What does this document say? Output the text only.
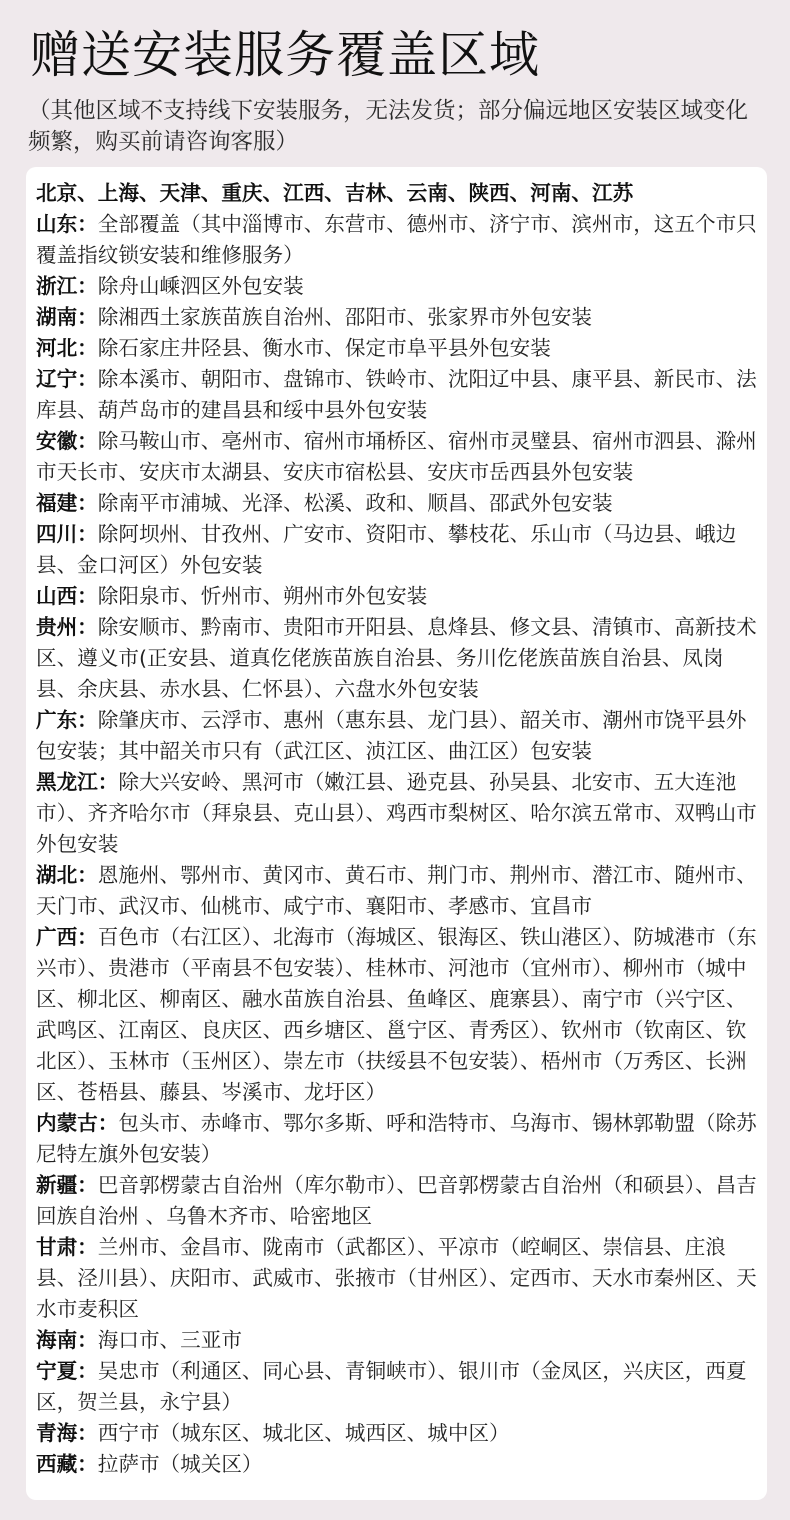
赠送安装服务覆盖区域
（其他区域不支持线下安装服务，无法发货；部分偏远地区安装区域变化频繁，购买前请咨询客服）

北京、上海、天津、重庆、江西、吉林、云南、陕西、河南、江苏

山东：全部覆盖（其中淄博市、东营市、德州市、济宁市、滨州市，这五个市只覆盖指纹锁安装和维修服务）

浙江：除舟山嵊泗区外包安装

湖南：除湘西土家族苗族自治州、邵阳市、张家界市外包安装

河北：除石家庄井陉县、衡水市、保定市阜平县外包安装

辽宁：除本溪市、朝阳市、盘锦市、铁岭市、沈阳辽中县、康平县、新民市、法库县、葫芦岛市的建昌县和绥中县外包安装

安徽：除马鞍山市、亳州市、宿州市埇桥区、宿州市灵璧县、宿州市泗县、滁州市天长市、安庆市太湖县、安庆市宿松县、安庆市岳西县外包安装

福建：除南平市浦城、光泽、松溪、政和、顺昌、邵武外包安装

四川：除阿坝州、甘孜州、广安市、资阳市、攀枝花、乐山市（马边县、峨边县、金口河区）外包安装

山西：除阳泉市、忻州市、朔州市外包安装

贵州：除安顺市、黔南市、贵阳市开阳县、息烽县、修文县、清镇市、高新技术区、遵义市(正安县、道真仡佬族苗族自治县、务川仡佬族苗族自治县、凤岗县、余庆县、赤水县、仁怀县）、六盘水外包安装

广东：除肇庆市、云浮市、惠州（惠东县、龙门县）、韶关市、潮州市饶平县外包安装；其中韶关市只有（武江区、浈江区、曲江区）包安装

黑龙江：除大兴安岭、黑河市（嫩江县、逊克县、孙吴县、北安市、五大连池市）、齐齐哈尔市（拜泉县、克山县）、鸡西市梨树区、哈尔滨五常市、双鸭山市外包安装

湖北：恩施州、鄂州市、黄冈市、黄石市、荆门市、荆州市、潜江市、随州市、天门市、武汉市、仙桃市、咸宁市、襄阳市、孝感市、宜昌市

广西：百色市（右江区）、北海市（海城区、银海区、铁山港区）、防城港市（东兴市）、贵港市（平南县不包安装）、桂林市、河池市（宜州市）、柳州市（城中区、柳北区、柳南区、融水苗族自治县、鱼峰区、鹿寨县）、南宁市（兴宁区、武鸣区、江南区、良庆区、西乡塘区、邕宁区、青秀区）、钦州市（钦南区、钦北区）、玉林市（玉州区）、崇左市（扶绥县不包安装）、梧州市（万秀区、长洲区、苍梧县、藤县、岑溪市、龙圩区）

内蒙古：包头市、赤峰市、鄂尔多斯、呼和浩特市、乌海市、锡林郭勒盟（除苏尼特左旗外包安装）

新疆：巴音郭楞蒙古自治州（库尔勒市）、巴音郭楞蒙古自治州（和硕县）、昌吉回族自治州 、乌鲁木齐市、哈密地区

甘肃：兰州市、金昌市、陇南市（武都区）、平凉市（崆峒区、崇信县、庄浪县、泾川县）、庆阳市、武威市、张掖市（甘州区）、定西市、天水市秦州区、天水市麦积区

海南：海口市、三亚市

宁夏：吴忠市（利通区、同心县、青铜峡市）、银川市（金凤区，兴庆区，西夏区，贺兰县，永宁县）

青海：西宁市（城东区、城北区、城西区、城中区）

西藏：拉萨市（城关区）
